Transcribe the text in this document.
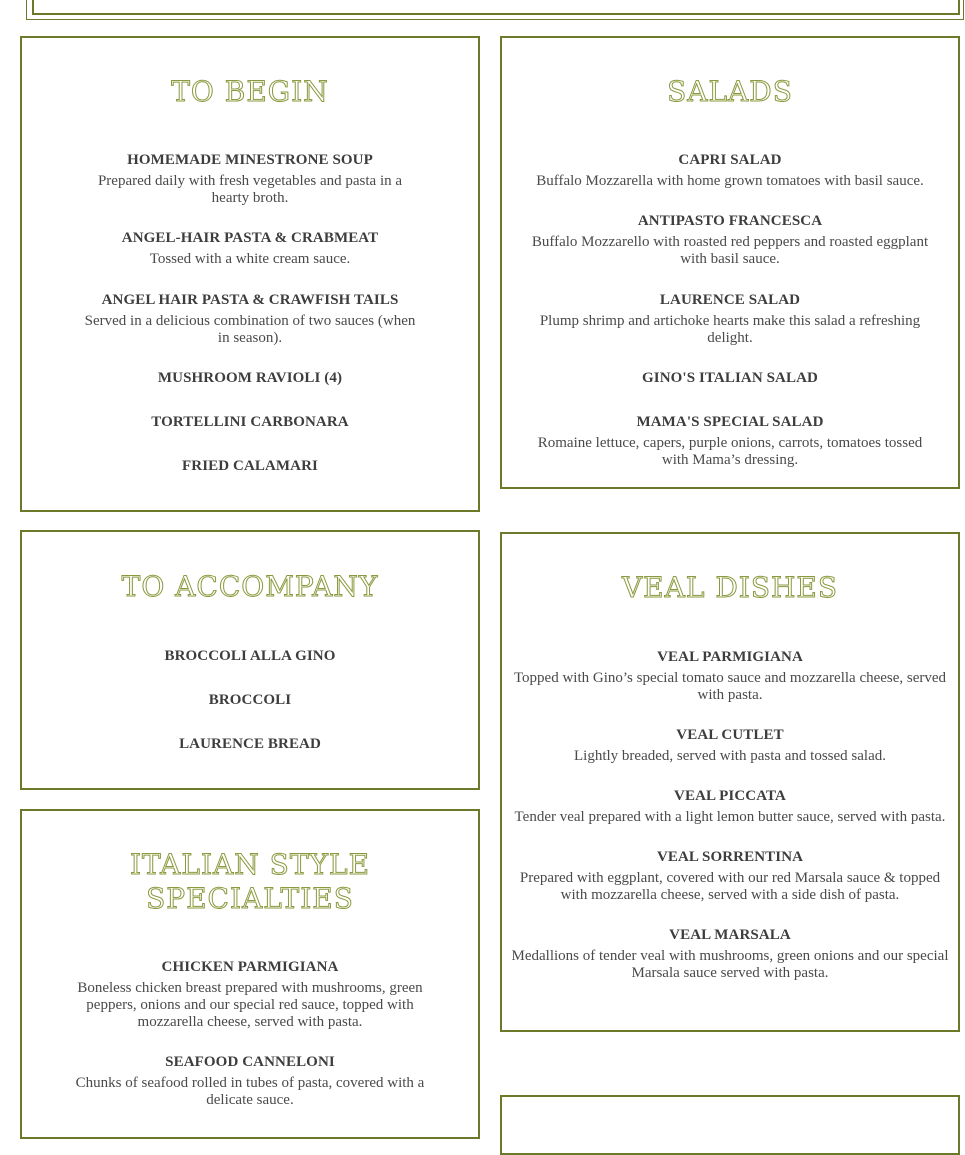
TO BEGIN
HOMEMADE MINESTRONE SOUP
Prepared daily with fresh vegetables and pasta in a hearty broth.
ANGEL-HAIR PASTA & CRABMEAT
Tossed with a white cream sauce.
ANGEL HAIR PASTA & CRAWFISH TAILS
Served in a delicious combination of two sauces (when in season).
MUSHROOM RAVIOLI (4)
TORTELLINI CARBONARA
FRIED CALAMARI
SALADS
CAPRI SALAD
Buffalo Mozzarella with home grown tomatoes with basil sauce.
ANTIPASTO FRANCESCA
Buffalo Mozzarello with roasted red peppers and roasted eggplant with basil sauce.
LAURENCE SALAD
Plump shrimp and artichoke hearts make this salad a refreshing delight.
GINO'S ITALIAN SALAD
MAMA'S SPECIAL SALAD
Romaine lettuce, capers, purple onions, carrots, tomatoes tossed with Mama’s dressing.
TO ACCOMPANY
BROCCOLI ALLA GINO
BROCCOLI
LAURENCE BREAD
VEAL DISHES
VEAL PARMIGIANA
Topped with Gino’s special tomato sauce and mozzarella cheese, served with pasta.
VEAL CUTLET
Lightly breaded, served with pasta and tossed salad.
VEAL PICCATA
Tender veal prepared with a light lemon butter sauce, served with pasta.
VEAL SORRENTINA
Prepared with eggplant, covered with our red Marsala sauce & topped with mozzarella cheese, served with a side dish of pasta.
VEAL MARSALA
Medallions of tender veal with mushrooms, green onions and our special Marsala sauce served with pasta.
ITALIAN STYLE
SPECIALTIES
CHICKEN PARMIGIANA
Boneless chicken breast prepared with mushrooms, green peppers, onions and our special red sauce, topped with mozzarella cheese, served with pasta.
SEAFOOD CANNELONI
Chunks of seafood rolled in tubes of pasta, covered with a delicate sauce.
